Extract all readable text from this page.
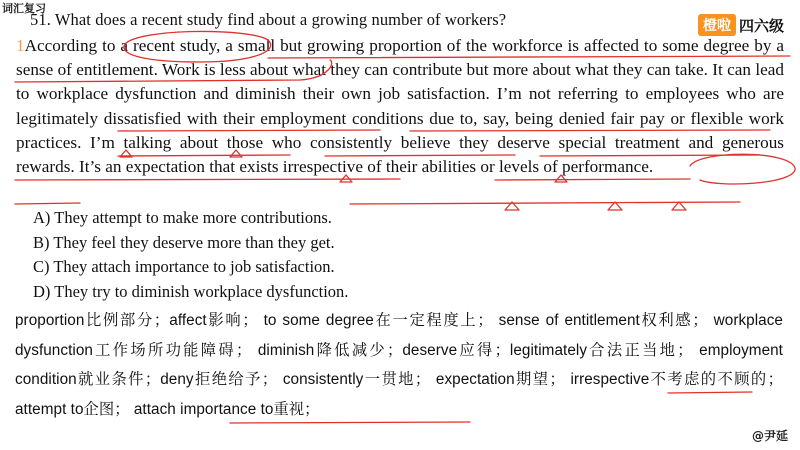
词汇复习
51. What does a recent study find about a growing number of workers?	橙啦 四六级

1According to a recent study, a small but growing proportion of the workforce is affected to some degree by a sense of entitlement. Work is less about what they can contribute but more about what they can take. It can lead to workplace dysfunction and diminish their own job satisfaction. I’m not referring to employees who are legitimately dissatisfied with their employment conditions due to, say, being denied fair pay or flexible work practices. I’m talking about those who consistently believe they deserve special treatment and generous rewards. It’s an expectation that exists irrespective of their abilities or levels of performance.

A) They attempt to make more contributions.
B) They feel they deserve more than they get.
C) They attach importance to job satisfaction.
D) They try to diminish workplace dysfunction.

proportion比例部分；affect影响； to some degree在一定程度上； sense of entitlement权利感； workplace dysfunction工作场所功能障碍； diminish降低减少；deserve应得；legitimately合法正当地； employment condition就业条件；deny拒绝给予； consistently一贯地； expectation期望； irrespective不考虑的不顾的；attempt to企图； attach importance to重视；

@尹延
